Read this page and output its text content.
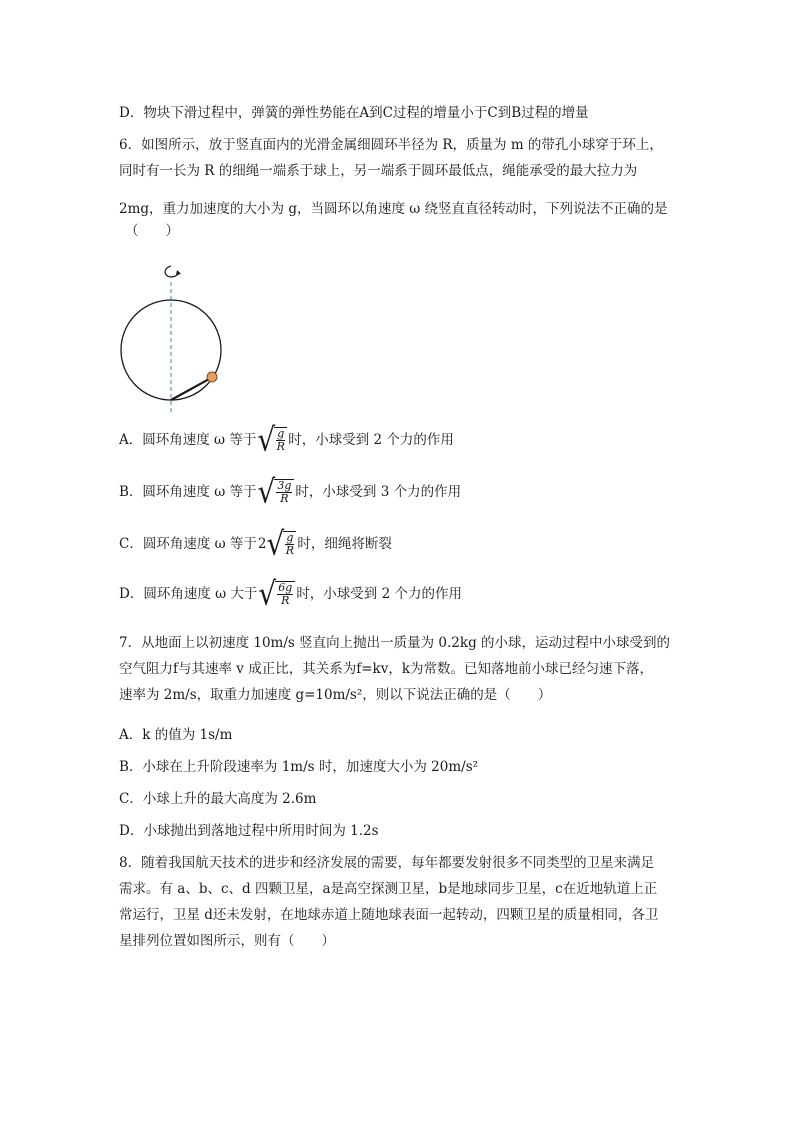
D．物块下滑过程中，弹簧的弹性势能在A到C过程的增量小于C到B过程的增量
6．如图所示，放于竖直面内的光滑金属细圆环半径为 R，质量为 m 的带孔小球穿于环上，
同时有一长为 R 的细绳一端系于球上，另一端系于圆环最低点，绳能承受的最大拉力为
2mg，重力加速度的大小为 g，当圆环以角速度 ω 绕竖直直径转动时，下列说法不正确的是
（　　）
A．圆环角速度 ω 等于 √ $\frac{g}{R}$ 时，小球受到 2 个力的作用
B．圆环角速度 ω 等于 √ $\frac{3g}{R}$ 时，小球受到 3 个力的作用
C．圆环角速度 ω 等于 2 √ $\frac{g}{R}$ 时，细绳将断裂
D．圆环角速度 ω 大于 √ $\frac{6g}{R}$ 时，小球受到 2 个力的作用
7．从地面上以初速度 10m/s 竖直向上抛出一质量为 0.2kg 的小球，运动过程中小球受到的
空气阻力f与其速率 v 成正比，其关系为f=kv，k为常数。已知落地前小球已经匀速下落，
速率为 2m/s，取重力加速度 g=10m/s²，则以下说法正确的是（　　）
A．k 的值为 1s/m
B．小球在上升阶段速率为 1m/s 时，加速度大小为 20m/s²
C．小球上升的最大高度为 2.6m
D．小球抛出到落地过程中所用时间为 1.2s
8．随着我国航天技术的进步和经济发展的需要，每年都要发射很多不同类型的卫星来满足
需求。有 a、b、c、d 四颗卫星，a是高空探测卫星，b是地球同步卫星，c在近地轨道上正
常运行，卫星 d还未发射，在地球赤道上随地球表面一起转动，四颗卫星的质量相同，各卫
星排列位置如图所示，则有（　　）
